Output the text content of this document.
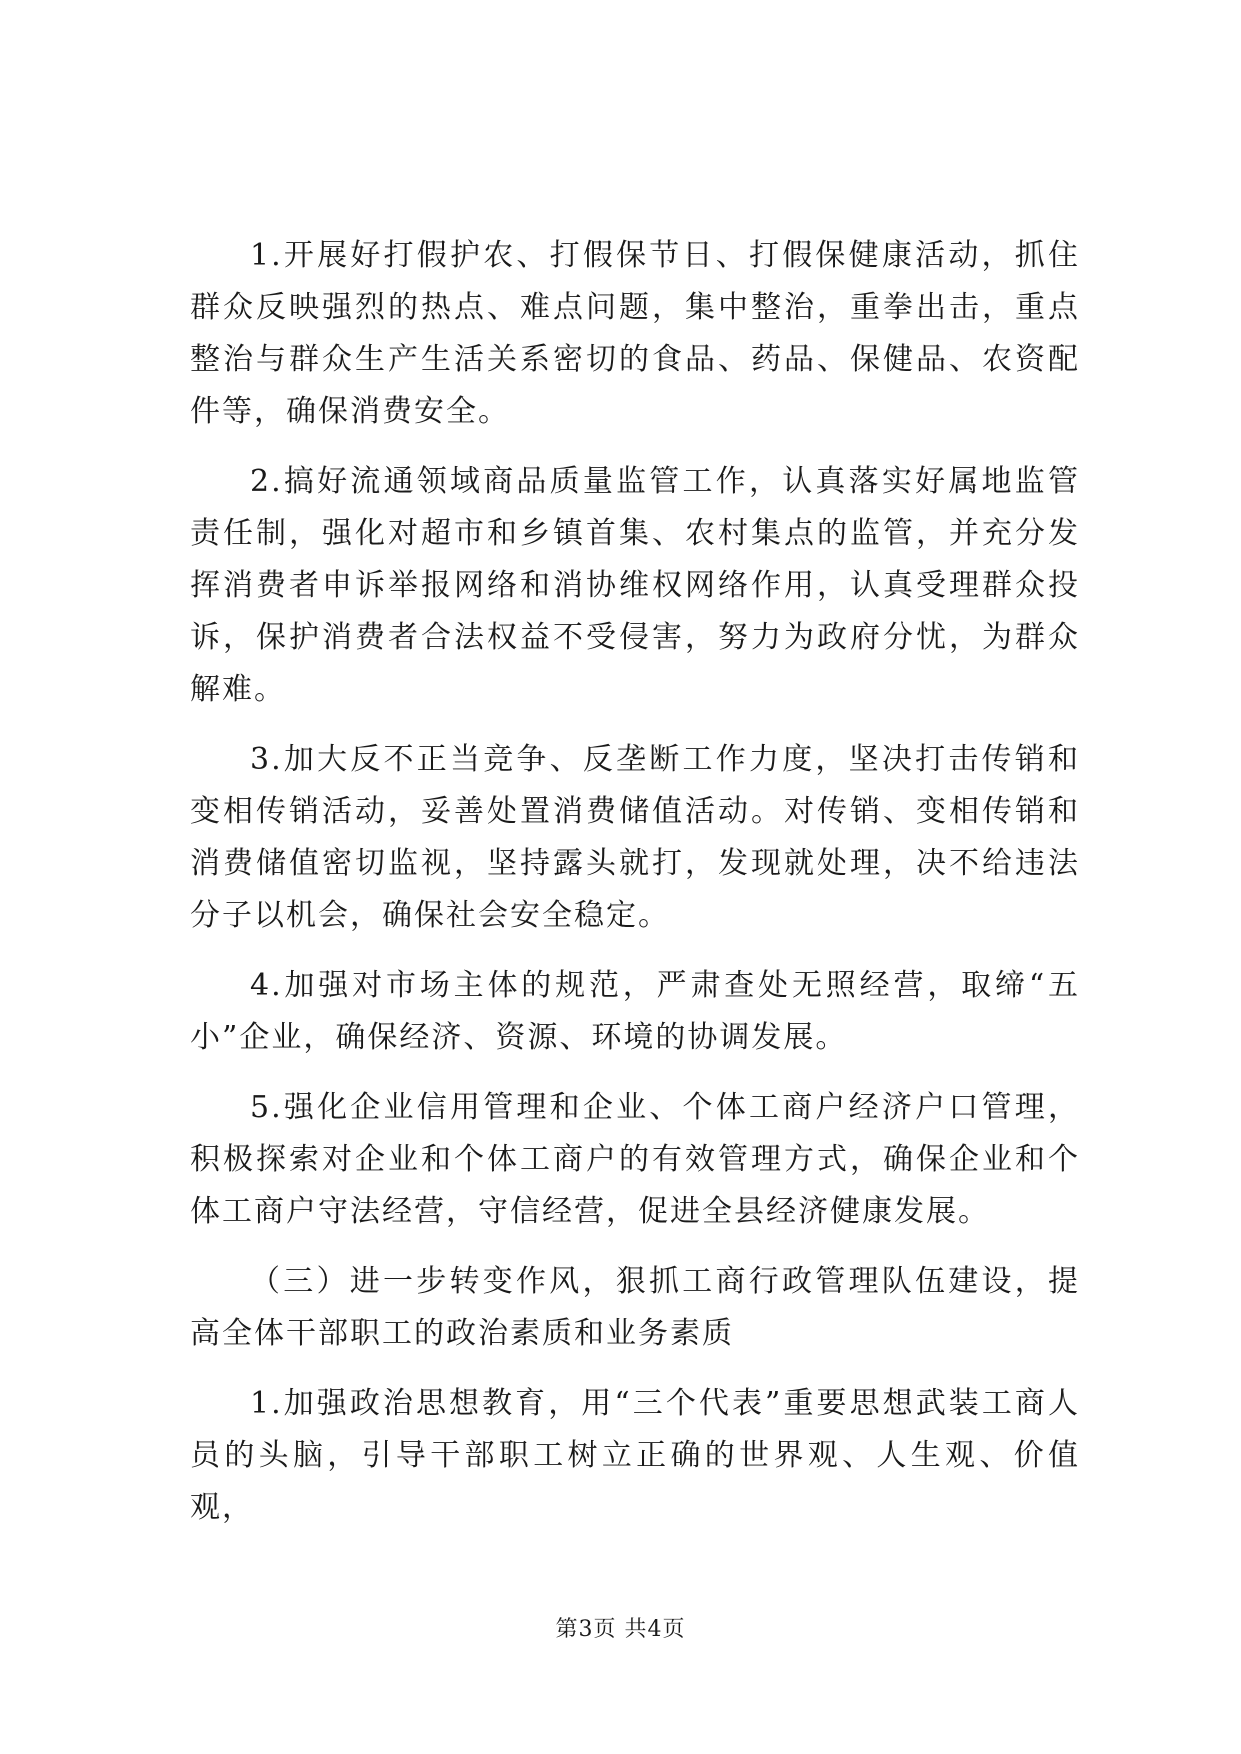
1.开展好打假护农、打假保节日、打假保健康活动，抓住群众反映强烈的热点、难点问题，集中整治，重拳出击，重点整治与群众生产生活关系密切的食品、药品、保健品、农资配件等，确保消费安全。

2.搞好流通领域商品质量监管工作，认真落实好属地监管责任制，强化对超市和乡镇首集、农村集点的监管，并充分发挥消费者申诉举报网络和消协维权网络作用，认真受理群众投诉，保护消费者合法权益不受侵害，努力为政府分忧，为群众解难。

3.加大反不正当竞争、反垄断工作力度，坚决打击传销和变相传销活动，妥善处置消费储值活动。对传销、变相传销和消费储值密切监视，坚持露头就打，发现就处理，决不给违法分子以机会，确保社会安全稳定。

4.加强对市场主体的规范，严肃查处无照经营，取缔“五小”企业，确保经济、资源、环境的协调发展。

5.强化企业信用管理和企业、个体工商户经济户口管理，积极探索对企业和个体工商户的有效管理方式，确保企业和个体工商户守法经营，守信经营，促进全县经济健康发展。

（三）进一步转变作风，狠抓工商行政管理队伍建设，提高全体干部职工的政治素质和业务素质

1.加强政治思想教育，用“三个代表”重要思想武装工商人员的头脑，引导干部职工树立正确的世界观、人生观、价值观，

第3页 共4页
